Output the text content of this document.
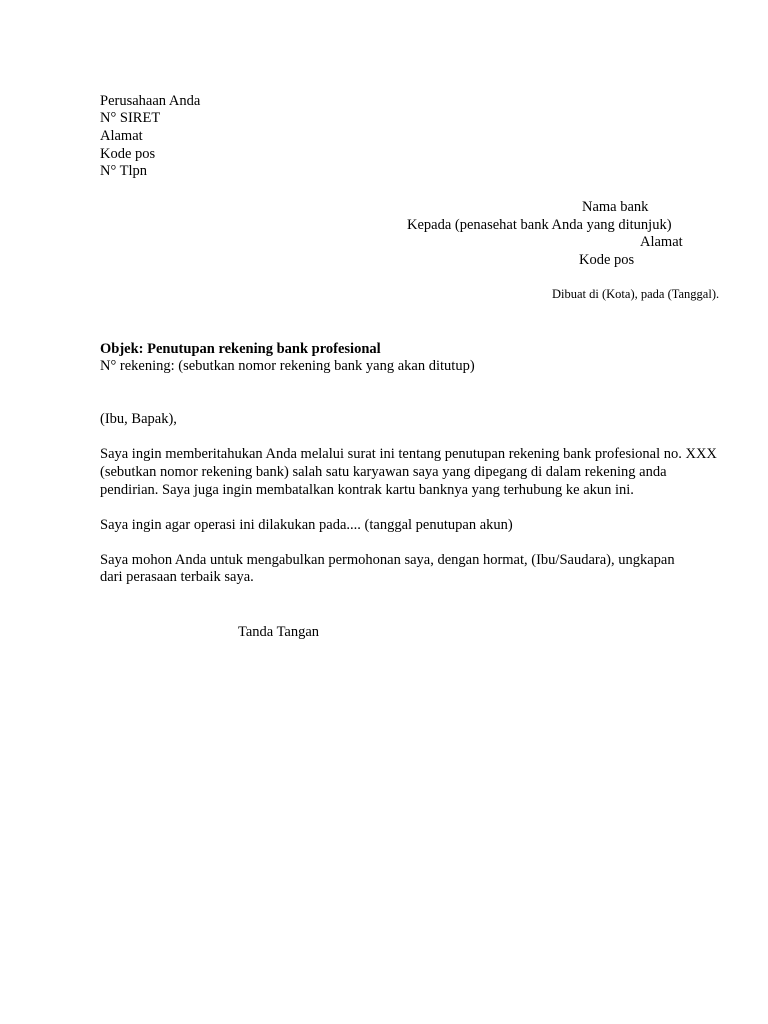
Perusahaan Anda
N° SIRET
Alamat
Kode pos
N° Tlpn
Nama bank
Kepada (penasehat bank Anda yang ditunjuk)
Alamat
Kode pos
Dibuat di (Kota), pada (Tanggal).
Objek: Penutupan rekening bank profesional
N° rekening: (sebutkan nomor rekening bank yang akan ditutup)
(Ibu, Bapak),
Saya ingin memberitahukan Anda melalui surat ini tentang penutupan rekening bank profesional no. XXX
(sebutkan nomor rekening bank) salah satu karyawan saya yang dipegang di dalam rekening anda
pendirian. Saya juga ingin membatalkan kontrak kartu banknya yang terhubung ke akun ini.
Saya ingin agar operasi ini dilakukan pada.... (tanggal penutupan akun)
Saya mohon Anda untuk mengabulkan permohonan saya, dengan hormat, (Ibu/Saudara), ungkapan
dari perasaan terbaik saya.
Tanda Tangan
